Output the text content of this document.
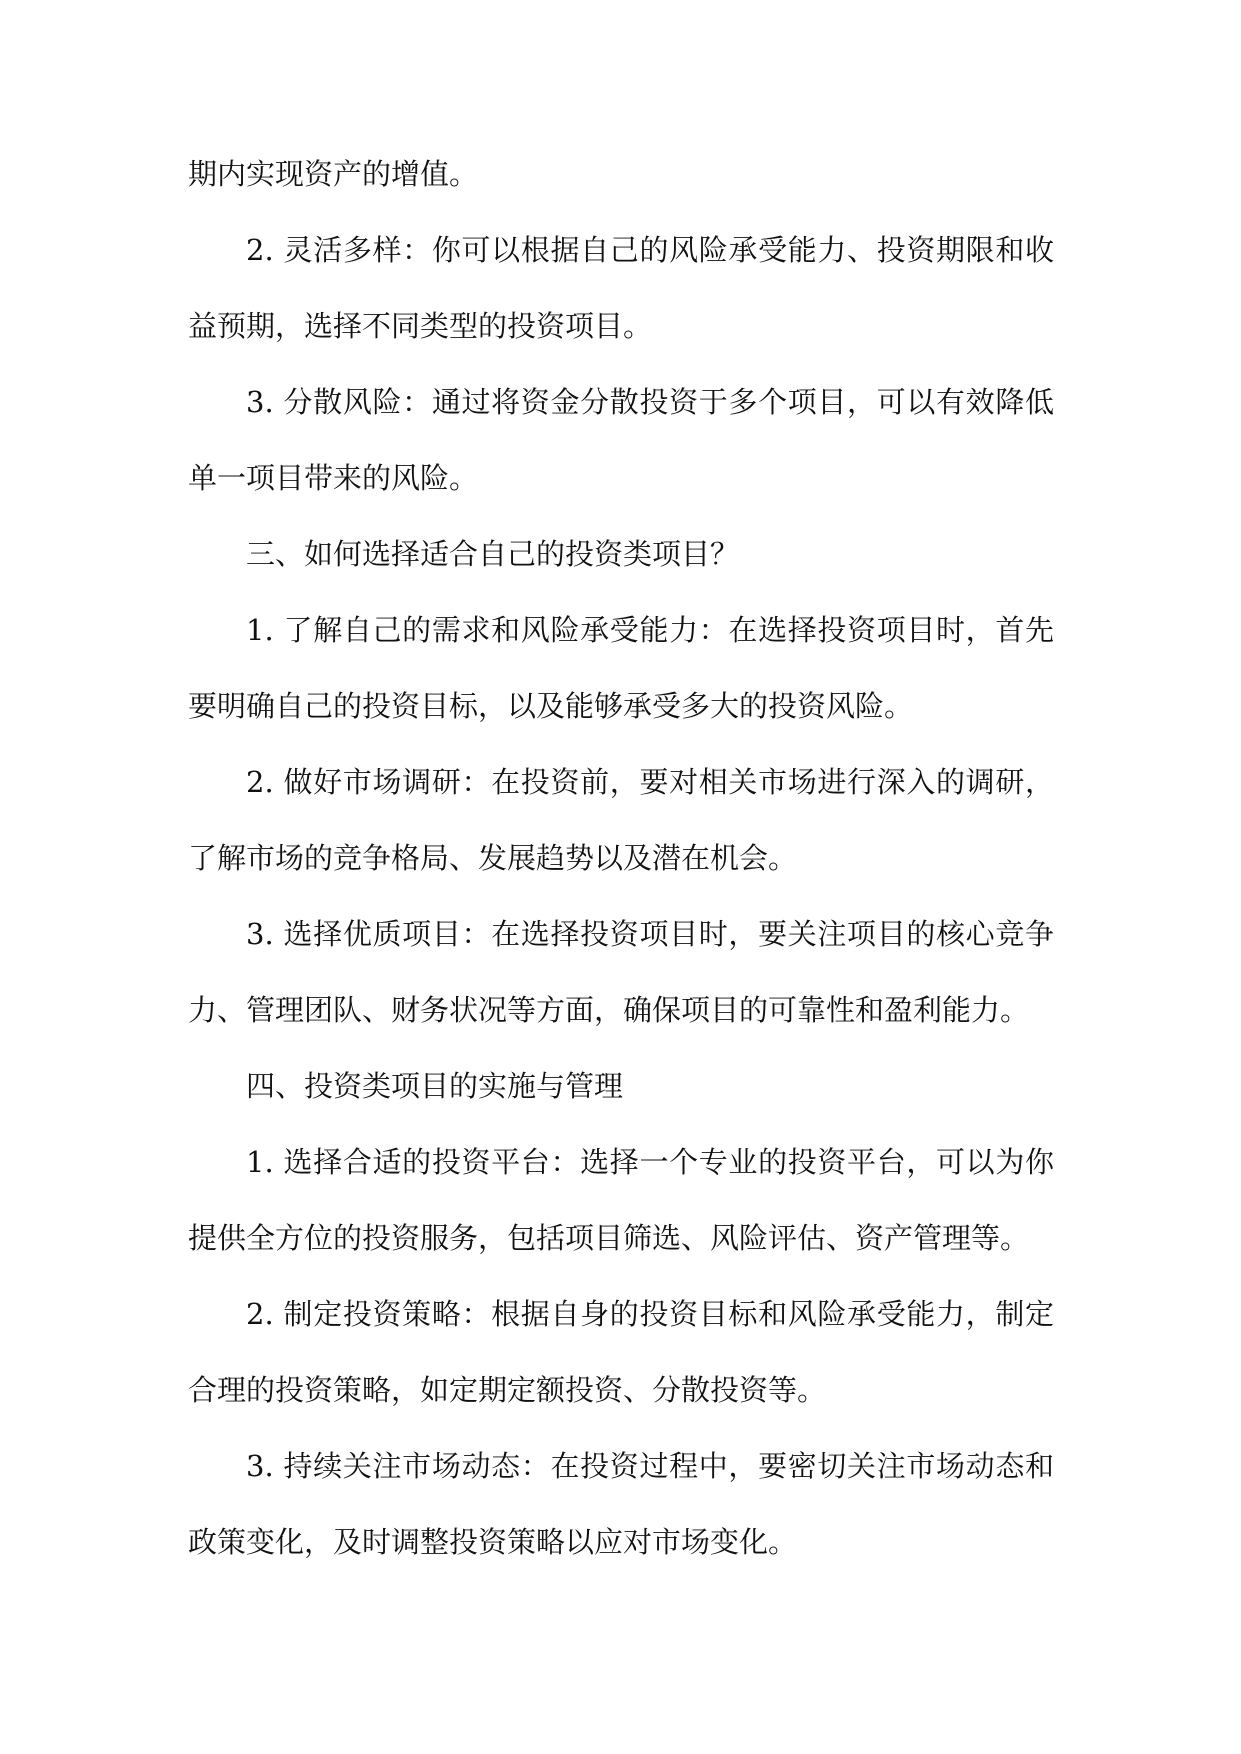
期内实现资产的增值。
2. 灵活多样：你可以根据自己的风险承受能力、投资期限和收
益预期，选择不同类型的投资项目。
3. 分散风险：通过将资金分散投资于多个项目，可以有效降低
单一项目带来的风险。
三、如何选择适合自己的投资类项目？
1. 了解自己的需求和风险承受能力：在选择投资项目时，首先
要明确自己的投资目标，以及能够承受多大的投资风险。
2. 做好市场调研：在投资前，要对相关市场进行深入的调研，
了解市场的竞争格局、发展趋势以及潜在机会。
3. 选择优质项目：在选择投资项目时，要关注项目的核心竞争
力、管理团队、财务状况等方面，确保项目的可靠性和盈利能力。
四、投资类项目的实施与管理
1. 选择合适的投资平台：选择一个专业的投资平台，可以为你
提供全方位的投资服务，包括项目筛选、风险评估、资产管理等。
2. 制定投资策略：根据自身的投资目标和风险承受能力，制定
合理的投资策略，如定期定额投资、分散投资等。
3. 持续关注市场动态：在投资过程中，要密切关注市场动态和
政策变化，及时调整投资策略以应对市场变化。
